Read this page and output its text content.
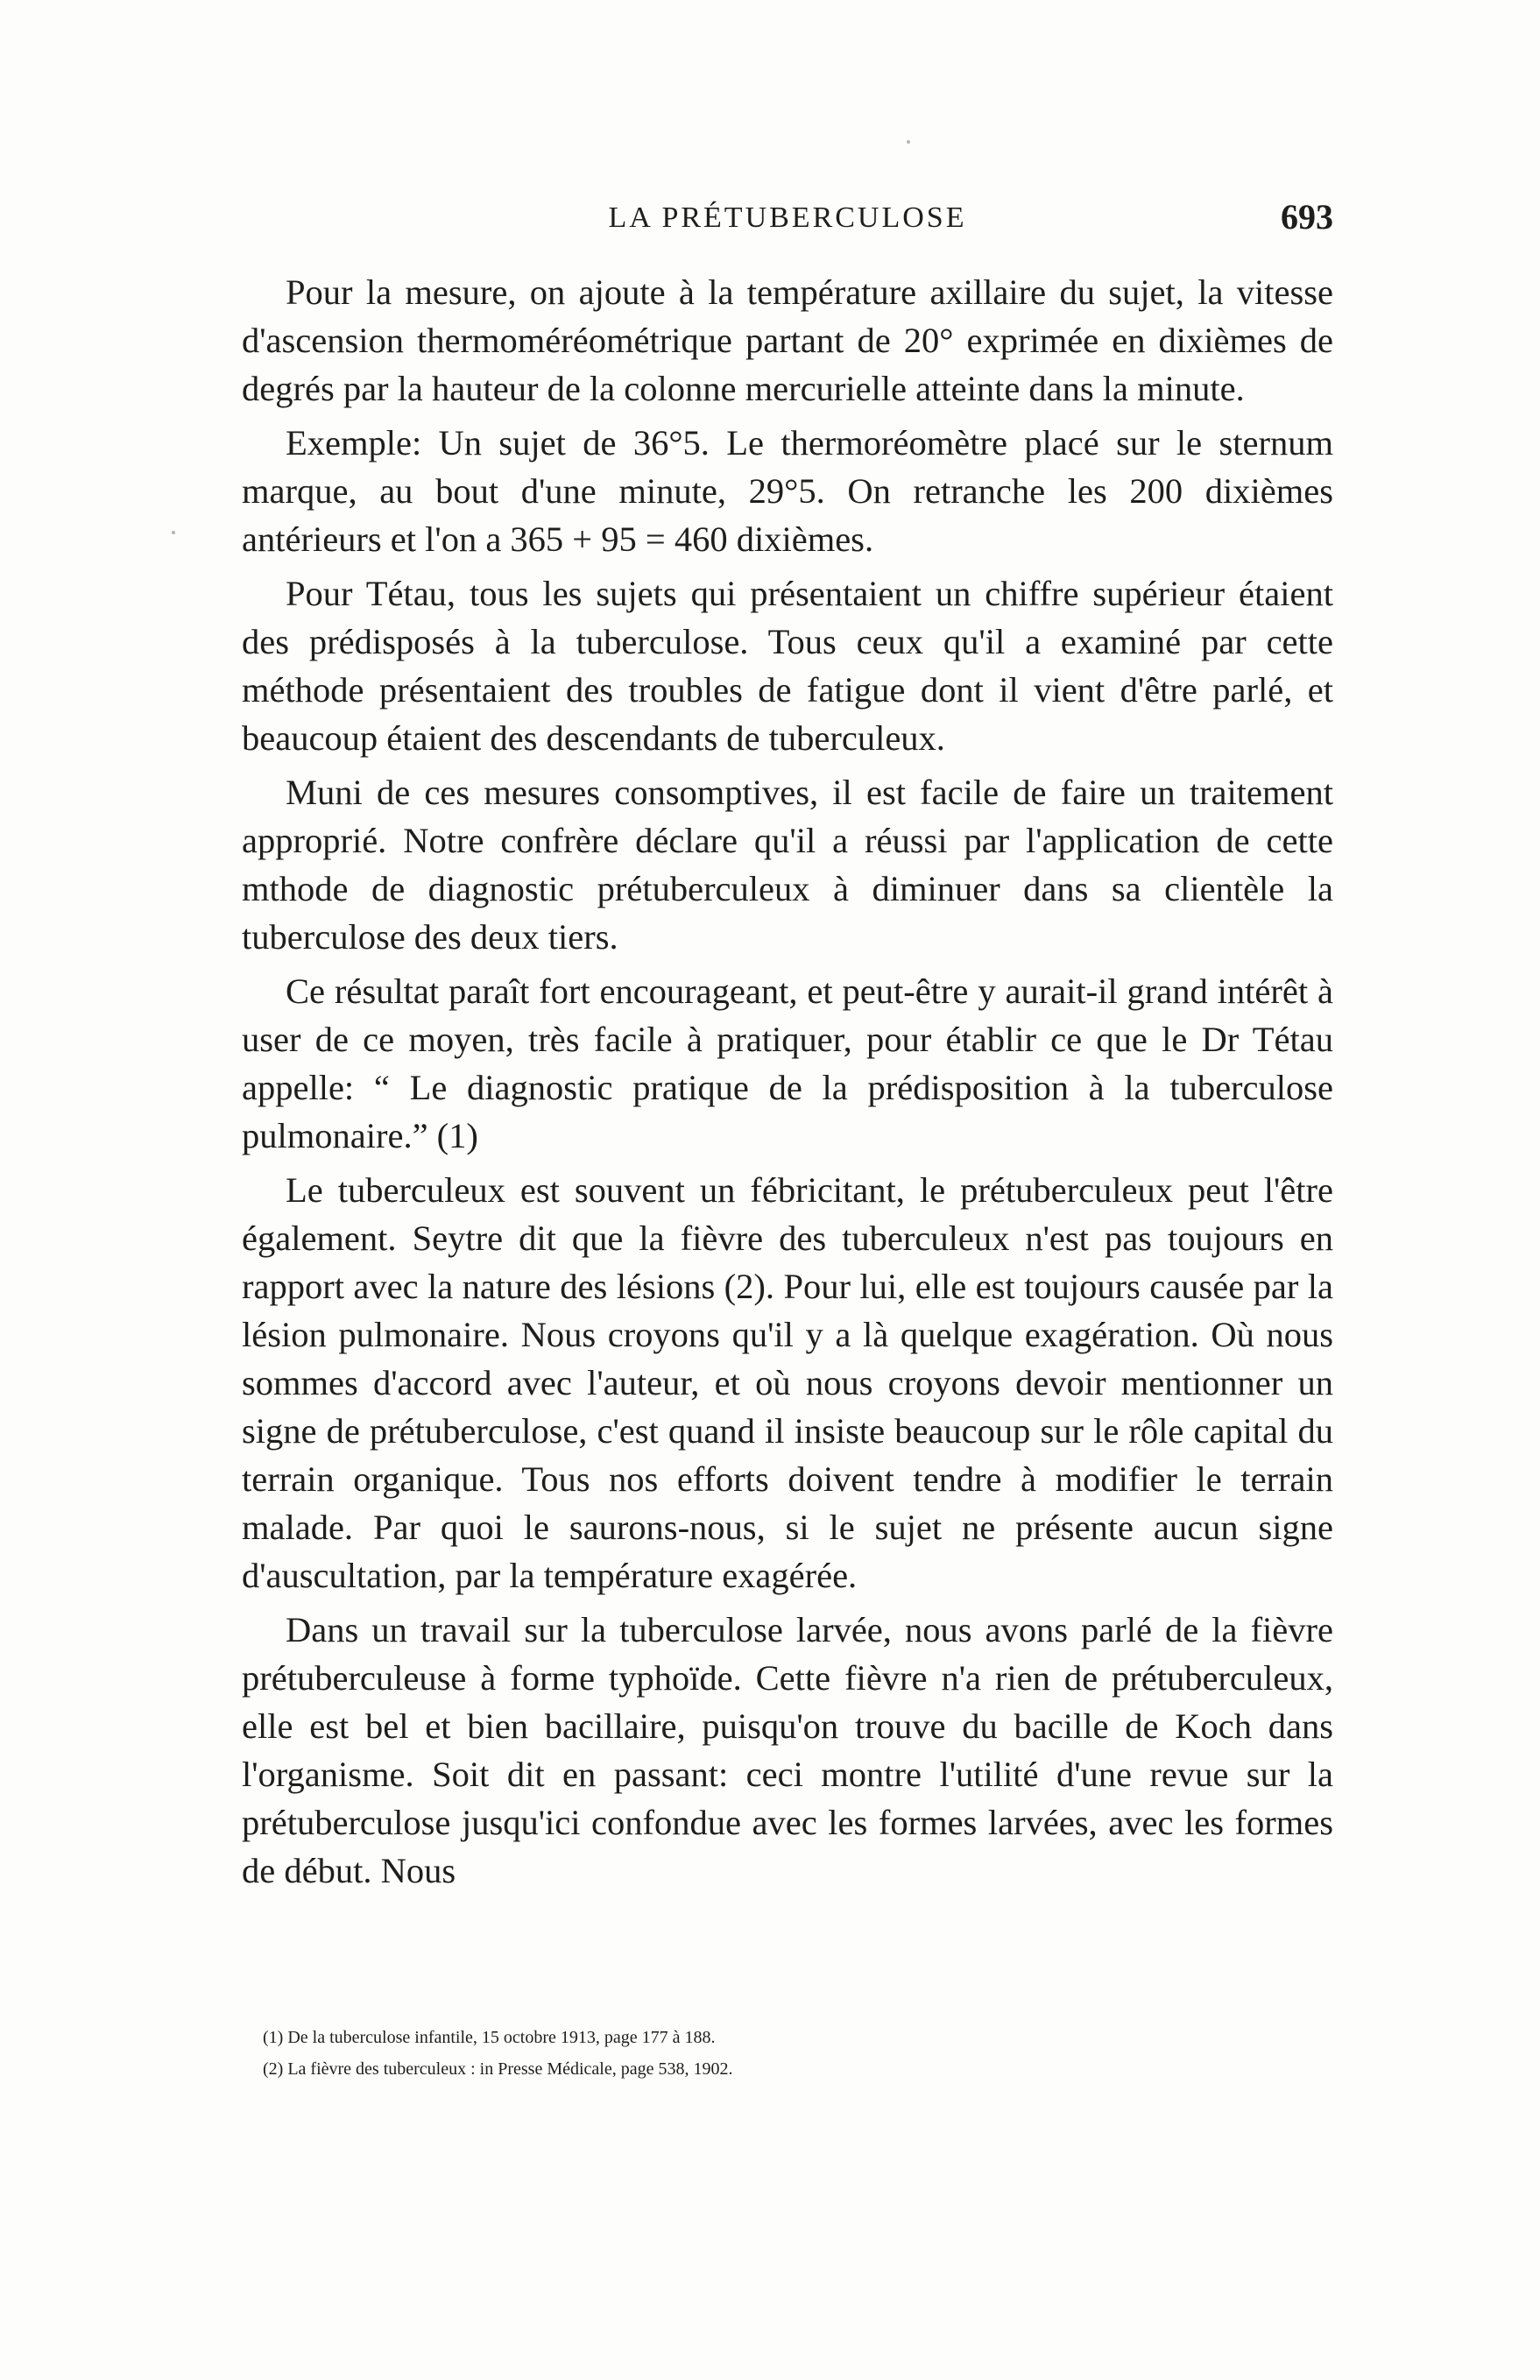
LA PRÉTUBERCULOSE	693

Pour la mesure, on ajoute à la température axillaire du sujet, la vitesse d'ascension thermoméréométrique partant de 20° exprimée en dixièmes de degrés par la hauteur de la colonne mercurielle atteinte dans la minute.

Exemple: Un sujet de 36°5. Le thermoréomètre placé sur le sternum marque, au bout d'une minute, 29°5. On retranche les 200 dixièmes antérieurs et l'on a 365 + 95 = 460 dixièmes.

Pour Tétau, tous les sujets qui présentaient un chiffre supérieur étaient des prédisposés à la tuberculose. Tous ceux qu'il a examiné par cette méthode présentaient des troubles de fatigue dont il vient d'être parlé, et beaucoup étaient des descendants de tuberculeux.

Muni de ces mesures consomptives, il est facile de faire un traitement approprié. Notre confrère déclare qu'il a réussi par l'application de cette mthode de diagnostic prétuberculeux à diminuer dans sa clientèle la tuberculose des deux tiers.

Ce résultat paraît fort encourageant, et peut-être y aurait-il grand intérêt à user de ce moyen, très facile à pratiquer, pour établir ce que le Dr Tétau appelle: “ Le diagnostic pratique de la prédisposition à la tuberculose pulmonaire.” (1)

Le tuberculeux est souvent un fébricitant, le prétuberculeux peut l'être également. Seytre dit que la fièvre des tuberculeux n'est pas toujours en rapport avec la nature des lésions (2). Pour lui, elle est toujours causée par la lésion pulmonaire. Nous croyons qu'il y a là quelque exagération. Où nous sommes d'accord avec l'auteur, et où nous croyons devoir mentionner un signe de prétuberculose, c'est quand il insiste beaucoup sur le rôle capital du terrain organique. Tous nos efforts doivent tendre à modifier le terrain malade. Par quoi le saurons-nous, si le sujet ne présente aucun signe d'auscultation, par la température exagérée.

Dans un travail sur la tuberculose larvée, nous avons parlé de la fièvre prétuberculeuse à forme typhoïde. Cette fièvre n'a rien de prétuberculeux, elle est bel et bien bacillaire, puisqu'on trouve du bacille de Koch dans l'organisme. Soit dit en passant: ceci montre l'utilité d'une revue sur la prétuberculose jusqu'ici confondue avec les formes larvées, avec les formes de début. Nous

(1) De la tuberculose infantile, 15 octobre 1913, page 177 à 188.

(2) La fièvre des tuberculeux : in Presse Médicale, page 538, 1902.
